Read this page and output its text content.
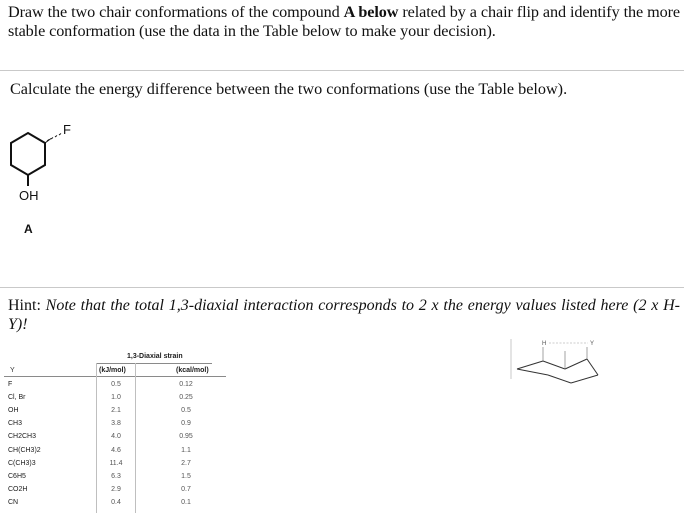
Draw the two chair conformations of the compound A below related by a chair flip and identify the more stable conformation (use the data in the Table below to make your decision).

Calculate the energy difference between the two conformations (use the Table below).

F
OH
A

Hint: Note that the total 1,3-diaxial interaction corresponds to 2 x the energy values listed here (2 x H-Y)!

1,3-Diaxial strain
Y	(kJ/mol)	(kcal/mol)
F	0.5	0.12
Cl, Br	1.0	0.25
OH	2.1	0.5
CH3	3.8	0.9
CH2CH3	4.0	0.95
CH(CH3)2	4.6	1.1
C(CH3)3	11.4	2.7
C6H5	6.3	1.5
CO2H	2.9	0.7
CN	0.4	0.1
H	Y
